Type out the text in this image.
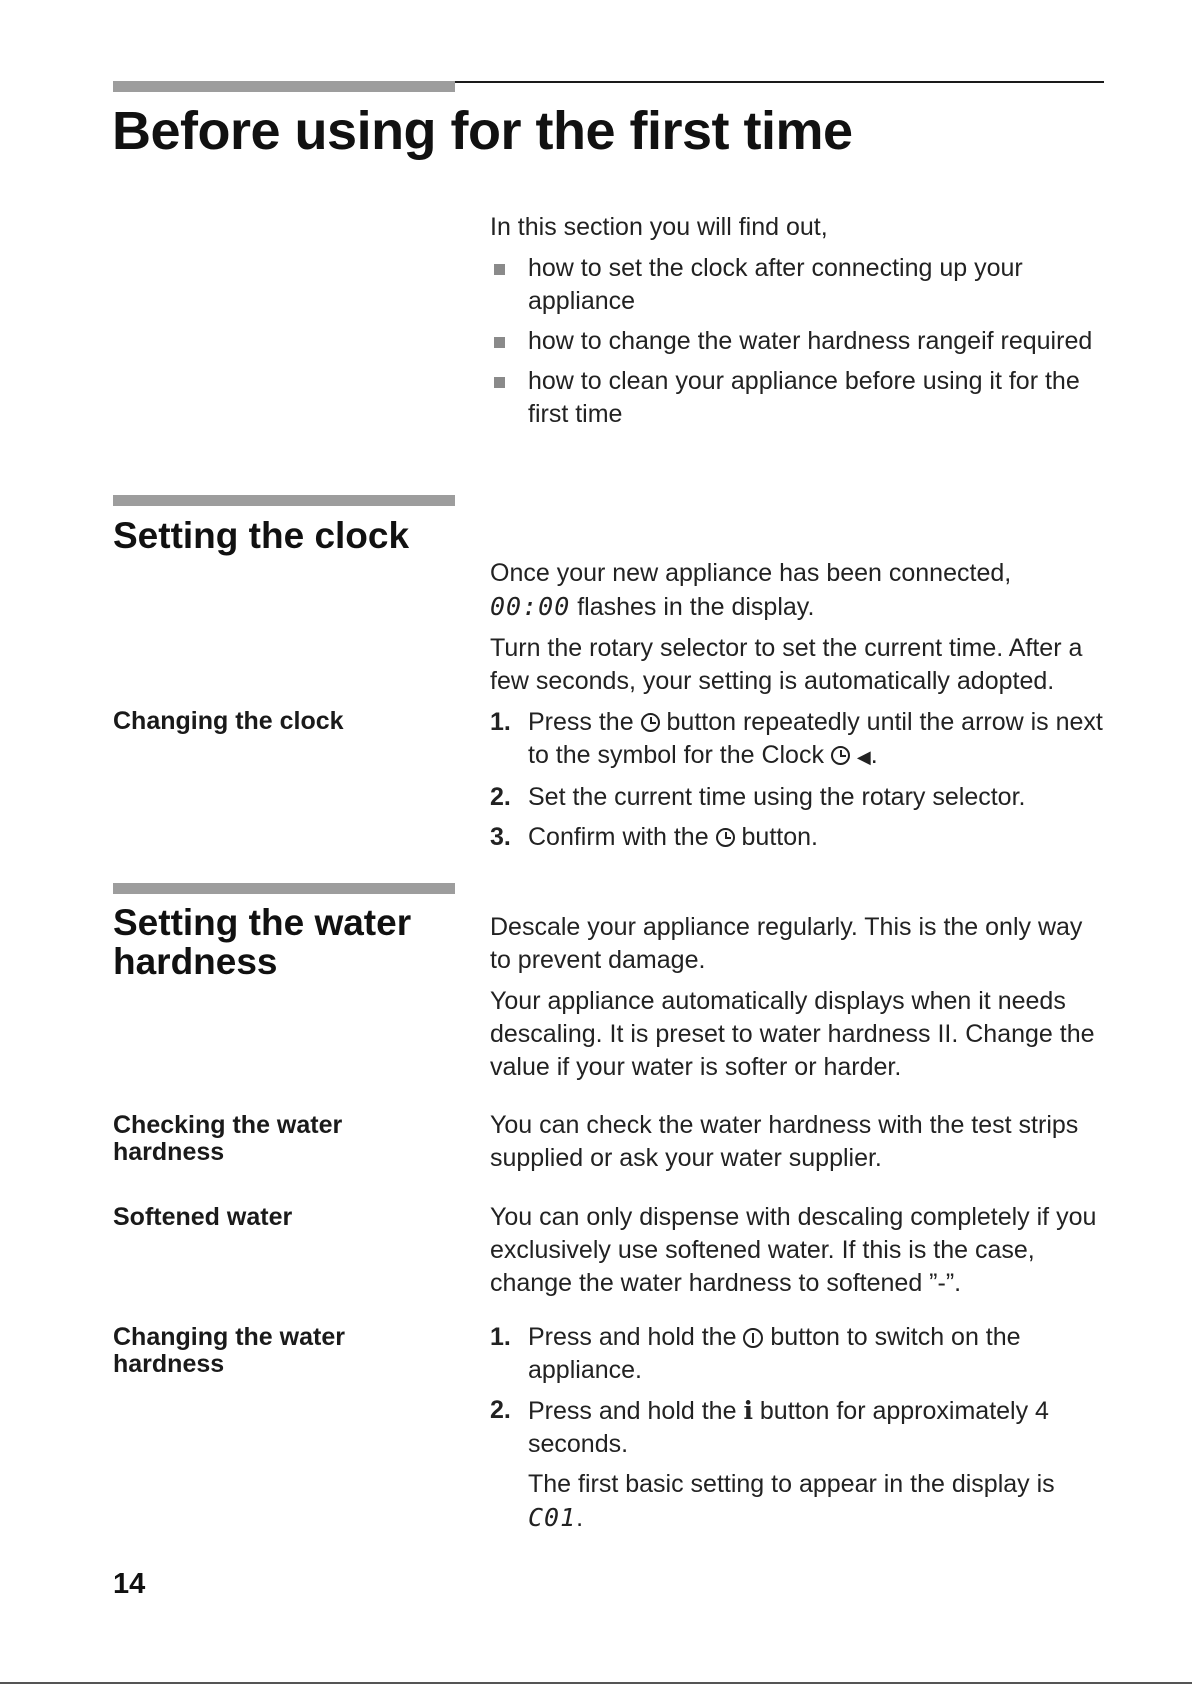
Before using for the first time

In this section you will find out,

how to set the clock after connecting up your appliance
how to change the water hardness rangeif required
how to clean your appliance before using it for the first time
Setting the clock

Once your new appliance has been connected,
00:00 flashes in the display.

Turn the rotary selector to set the current time. After a few seconds, your setting is automatically adopted.

1. Press the button repeatedly until the arrow is next to the symbol for the Clock ◀.
2. Set the current time using the rotary selector.
3. Confirm with the button.
Changing the clock
Setting the water
hardness

Descale your appliance regularly. This is the only way to prevent damage.

Your appliance automatically displays when it needs descaling. It is preset to water hardness II. Change the value if your water is softer or harder.

Checking the water
hardness

You can check the water hardness with the test strips supplied or ask your water supplier.

Softened water	You can only dispense with descaling completely if you exclusively use softened water. If this is the case, change the water hardness to softened ”-”.

Changing the water
hardness
1. Press and hold the button to switch on the appliance.
2. Press and hold the i button for approximately 4 seconds.
The first basic setting to appear in the display is
C01.
14
